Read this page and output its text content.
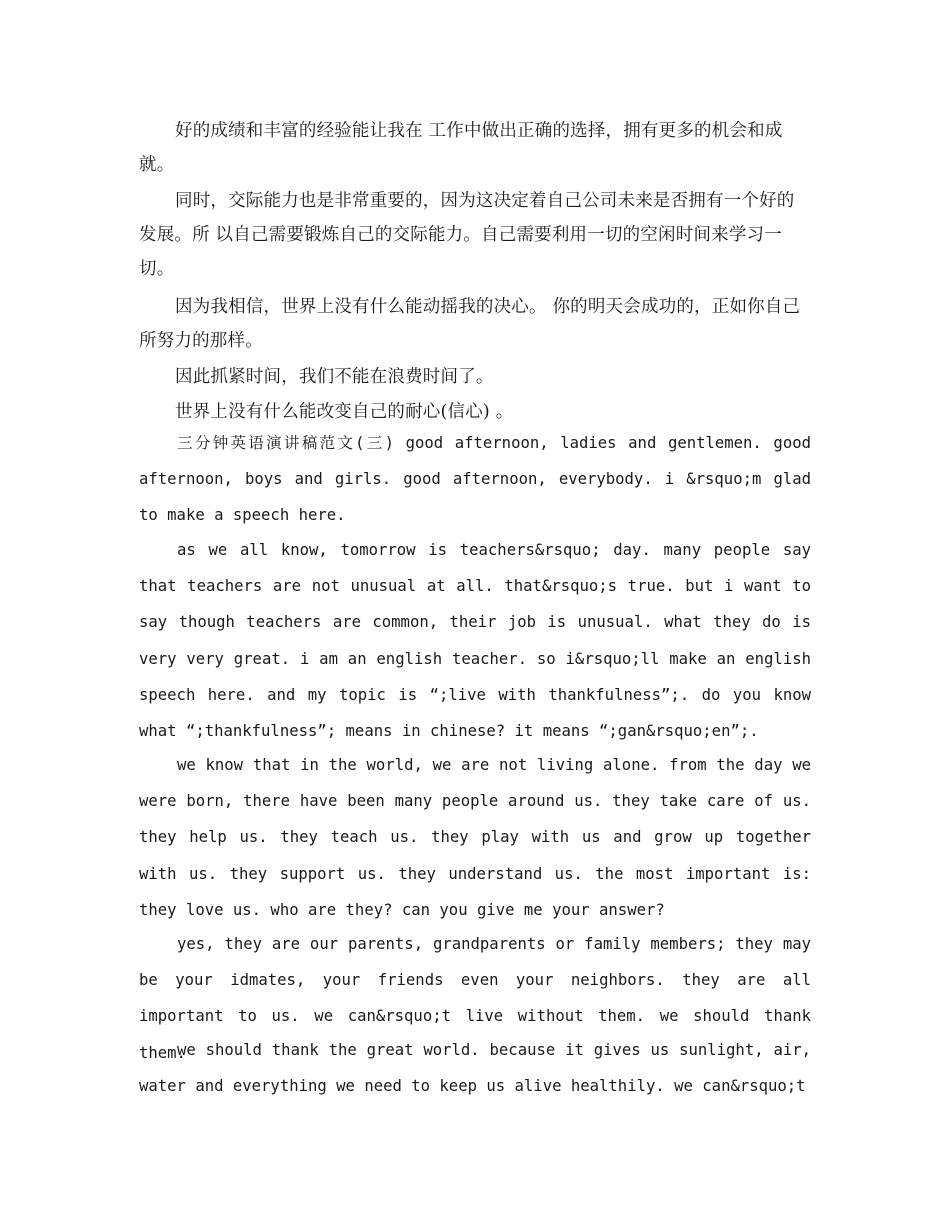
好的成绩和丰富的经验能让我在 工作中做出正确的选择，拥有更多的机会和成就。

同时，交际能力也是非常重要的，因为这决定着自己公司未来是否拥有一个好的发展。所 以自己需要锻炼自己的交际能力。自己需要利用一切的空闲时间来学习一切。

因为我相信，世界上没有什么能动摇我的决心。 你的明天会成功的，正如你自己所努力的那样。

因此抓紧时间，我们不能在浪费时间了。

世界上没有什么能改变自己的耐心(信心) 。

三分钟英语演讲稿范文(三) good afternoon, ladies and gentlemen. good afternoon, boys and girls. good afternoon, everybody. i &rsquo;m glad to make a speech here.

as we all know, tomorrow is teachers&rsquo; day. many people say that teachers are not unusual at all. that&rsquo;s true. but i want to say though teachers are common, their job is unusual. what they do is very very great. i am an english teacher. so i&rsquo;ll make an english speech here. and my topic is “;live with thankfulness”;. do you know what “;thankfulness”; means in chinese? it means “;gan&rsquo;en”;.

we know that in the world, we are not living alone. from the day we were born, there have been many people around us. they take care of us. they help us. they teach us. they play with us and grow up together with us. they support us. they understand us. the most important is: they love us. who are they? can you give me your answer?

yes, they are our parents, grandparents or family members; they may be your idmates, your friends even your neighbors. they are all important to us. we can&rsquo;t live without them. we should thank them.

we should thank the great world. because it gives us sunlight, air, water and everything we need to keep us alive healthily. we can&rsquo;t
